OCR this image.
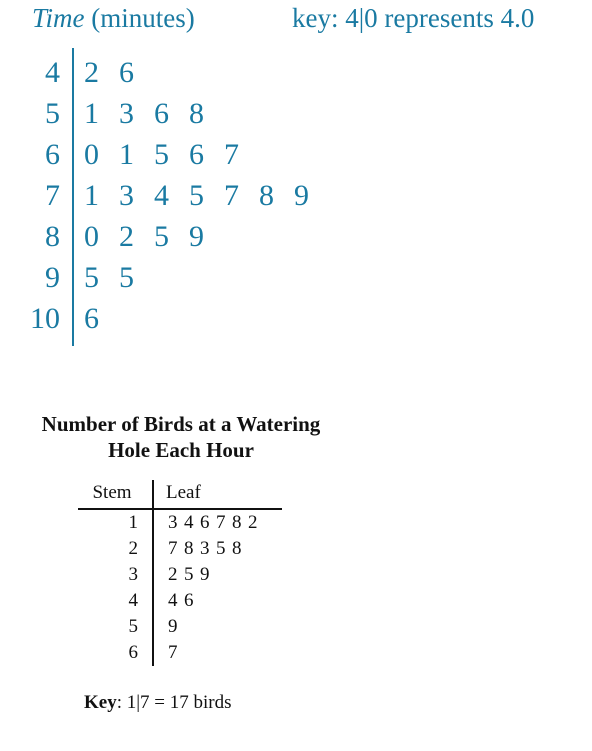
Time (minutes)	key: 4|0 represents 4.0
4 2 6
5 1 3 6 8
6 0 1 5 6 7
7 1 3 4 5 7 8 9
8 0 2 5 9
9 5 5
10 6
Number of Birds at a Watering
Hole Each Hour
Stem	Leaf
1 3 4 6 7 8 2
2 7 8 3 5 8
3 2 5 9
4 4 6
5 9
6 7
Key: 1|7 = 17 birds
